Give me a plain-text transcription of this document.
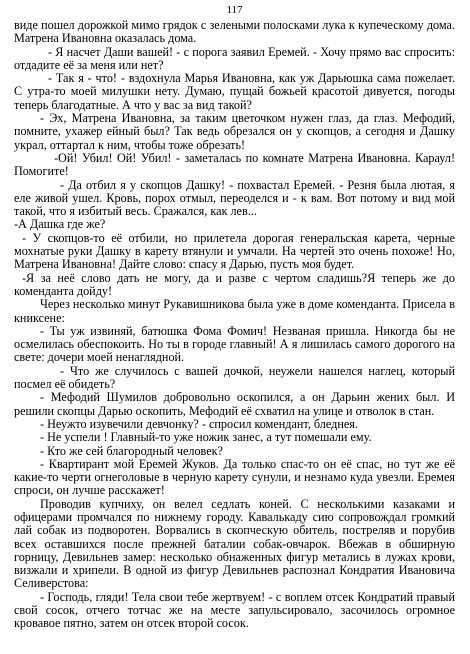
117

виде пошел дорожкой мимо грядок с зелеными полосками лука к купеческому дома. Матрена Ивановна оказалась дома.

- Я насчет Даши вашей! - с порога заявил Еремей. - Хочу прямо вас спросить: отдадите её за меня или нет?

- Так я - что! - вздохнула Марья Ивановна, как уж Дарьюшка сама пожелает. С утра-то моей милушки нету. Думаю, пущай божьей красотой дивуется, погоды теперь благодатные. А что у вас за вид такой?

- Эх, Матрена Ивановна, за таким цветочком нужен глаз, да глаз. Мефодий, помните, ухажер ейный был? Так ведь обрезался он у скопцов, а сегодня и Дашку украл, оттартал к ним, чтобы тоже обрезать!

-Ой! Убил! Ой! Убил! - заметалась по комнате Матрена Ивановна. Караул! Помогите!

- Да отбил я у скопцов Дашку! - похвастал Еремей. - Резня была лютая, я еле живой ушел. Кровь, порох отмыл, переоделся и - к вам. Вот потому и вид мой такой, что я избитый весь. Сражался, как лев...

-А Дашка где же?

- У скопцов-то её отбили, но прилетела дорогая генеральская карета, черные мохнатые руки Дашку в карету втянули и умчали. На чертей это очень похоже! Но, Матрена Ивановна! Дайте слово: спасу я Дарью, пусть моя будет.

-Я за неё слово дать не могу, да и разве с чертом сладишь?Я теперь же до коменданта дойду!

Через несколько минут Рукавишникова была уже в доме коменданта. Присела в книксене:

- Ты уж извиняй, батюшка Фома Фомич! Незваная пришла. Никогда бы не осмелилась обеспокоить. Но ты в городе главный! А я лишилась самого дорогого на свете: дочери моей ненаглядной.

- Что же случилось с вашей дочкой, неужели нашелся наглец, который посмел её обидеть?

- Мефодий Шумилов добровольно оскопился, а он Дарьин жених был. И решили скопцы Дарью оскопить, Мефодий её схватил на улице и отволок в стан.

- Неужто изувечили девчонку? - спросил комендант, бледнея.

- Не успели ! Главный-то уже ножик занес, а тут помешали ему.

- Кто же сей благородный человек?

- Квартирант мой Еремей Жуков. Да только спас-то он её спас, но тут же её какие-то черти огнеголовые в черную карету сунули, и незнамо куда увезли. Еремея спроси, он лучше расскажет!

Проводив купчиху, он велел седлать коней. С несколькими казаками и офицерами промчался по нижнему городу. Кавалькаду сию сопровождал громкий лай собак из подворотен. Ворвались в скопческую обитель, постреляв и порубив всех оставшихся после прежней баталии собак-овчарок. Вбежав в обширную горницу, Девильнев замер: несколько обнаженных фигур метались в лужах крови, визжали и хрипели. В одной из фигур Девильнев распознал Кондратия Ивановича Селиверстова:

- Господь, гляди! Тела свои тебе жертвуем! - с воплем отсек Кондратий правый свой сосок, отчего тотчас же на месте запульсировало, засочилось огромное кровавое пятно, затем он отсек второй сосок.
